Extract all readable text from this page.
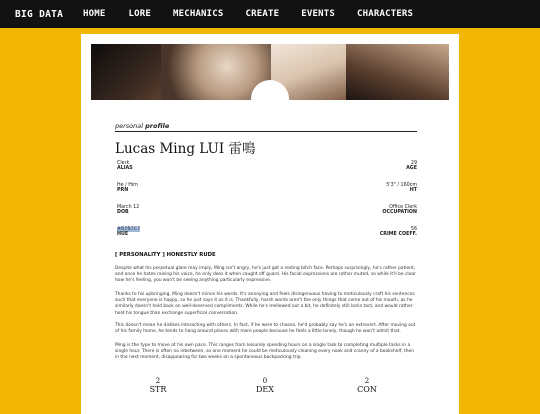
BIG DATA	HOME	LORE MECHANICS CREATE EVENTS CHARACTERS
personal profile
Lucas Ming LUI 雷鳴
Clerk
ALIAS
29
AGE
He / Him
PRN
5'3" / 160cm
HT
March 12
DOB
Office Clerk
OCCUPATION
#B7B7C7
HUE
56
CRIME COEFF.
[ PERSONALITY ] HONESTLY RUDE
Despite what his perpetual glare may imply, Ming isn't angry, he's just got a resting bitch face. Perhaps surprisingly, he's rather patient, and once he hates raising his voice, he only does it when caught off guard. His facial expressions are rather muted, so while it'll be clear how he's feeling, you won't be seeing anything particularly expressive.
Thanks to his upbringing, Ming doesn't mince his words. It's annoying and feels disingenuous having to meticulously craft his sentences such that everyone is happy, so he just says it as it is. Thankfully, harsh words aren't the only things that come out of his mouth, as he similarly doesn't hold back on well-deserved compliments. While he's mellowed out a bit, he definitely still lacks tact, and would rather hold his tongue than exchange superficial conversation.
This doesn't mean he dislikes interacting with others. In fact, if he were to choose, he'd probably say he's an extrovert. After moving out of his family home, he tends to hang around places with more people because he feels a little lonely, though he won't admit that.
Ming is the type to move at his own pace. This ranges from leisurely spending hours on a single task to completing multiple tasks in a single hour. There is often no inbetween, so one moment he could be meticulously cleaning every nook and cranny of a bookshelf, then in the next moment, disappearing for two weeks on a spontaneous backpacking trip.
2
STR
0
DEX
2
CON
